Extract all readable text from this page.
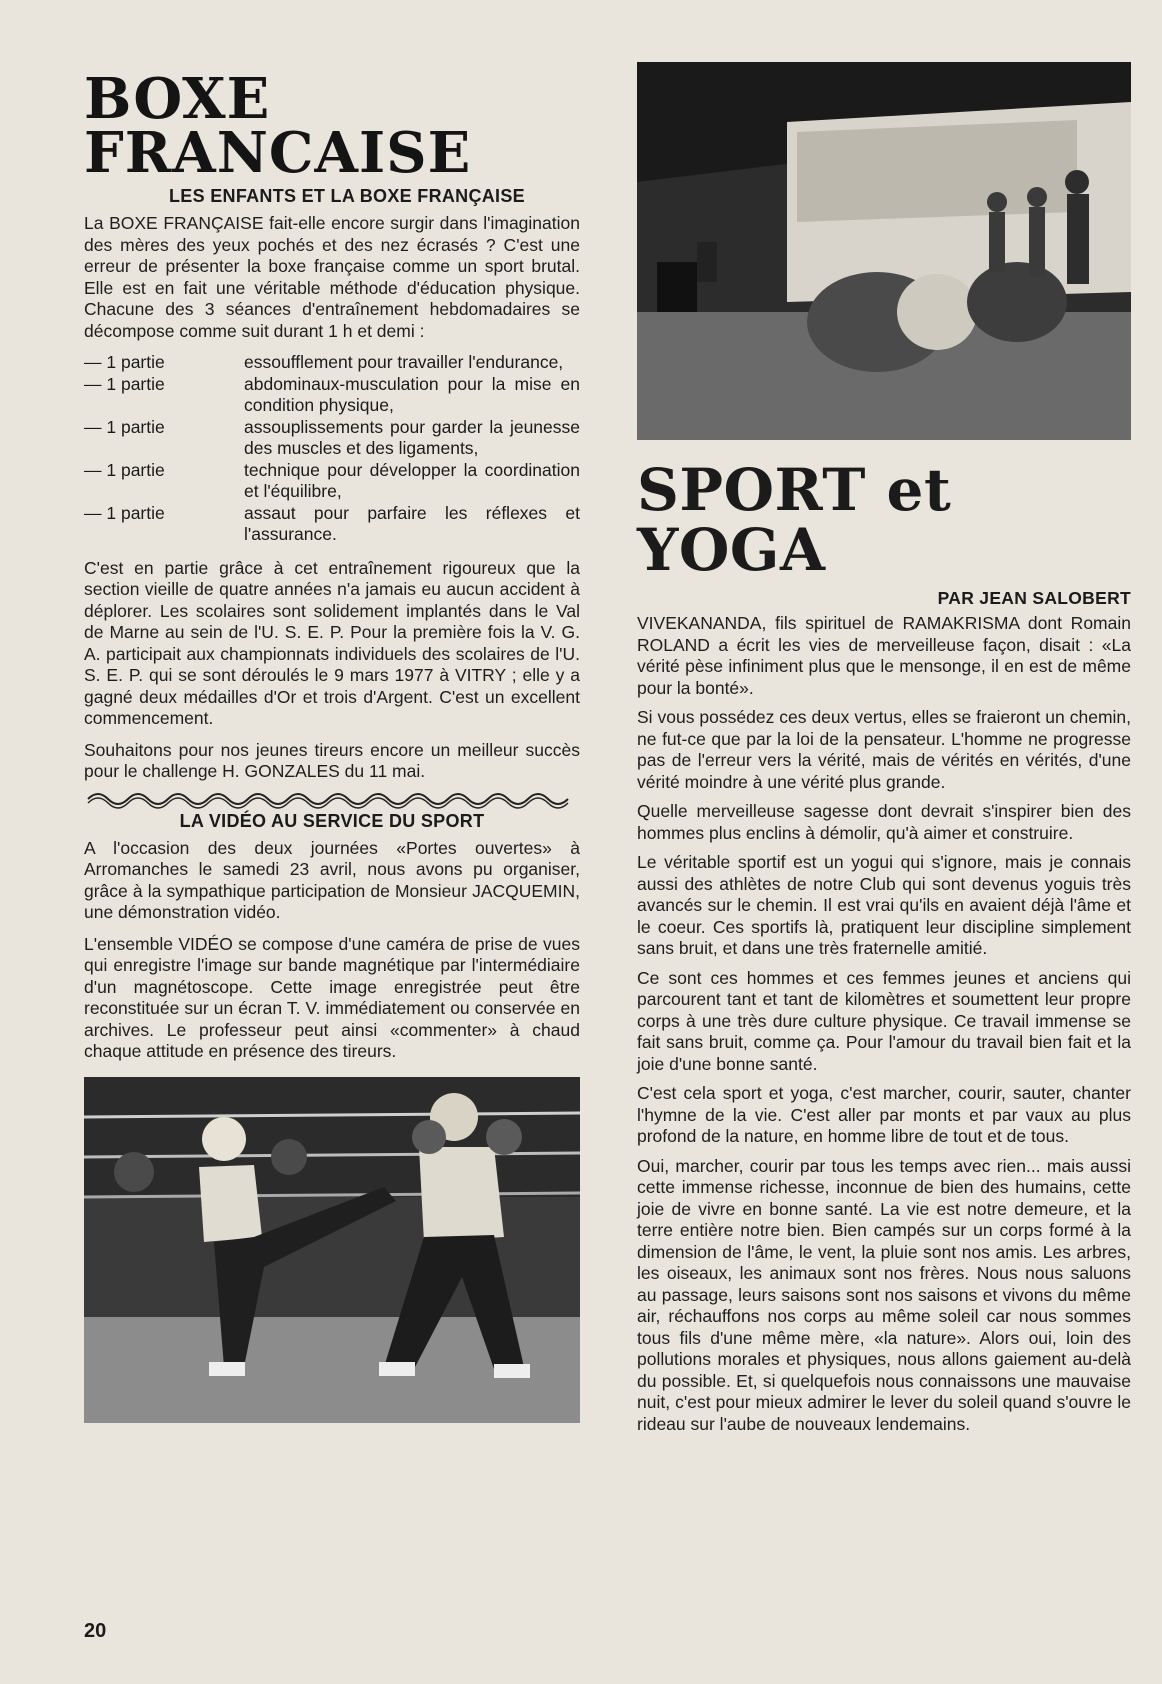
BOXE
FRANCAISE
LES ENFANTS ET LA BOXE FRANÇAISE

La BOXE FRANÇAISE fait-elle encore surgir dans l'imagination des mères des yeux pochés et des nez écrasés ? C'est une erreur de présenter la boxe française comme un sport brutal. Elle est en fait une véritable méthode d'éducation physique. Chacune des 3 séances d'entraînement hebdomadaires se décompose comme suit durant 1 h et demi :

— 1 partie	essoufflement pour travailler l'endurance,
— 1 partie	abdominaux-musculation pour la mise en condition physique,
— 1 partie	assouplissements pour garder la jeunesse des muscles et des ligaments,
— 1 partie	technique pour développer la coordination et l'équilibre,
— 1 partie	assaut pour parfaire les réflexes et l'assurance.

C'est en partie grâce à cet entraînement rigoureux que la section vieille de quatre années n'a jamais eu aucun accident à déplorer. Les scolaires sont solidement implantés dans le Val de Marne au sein de l'U. S. E. P. Pour la première fois la V. G. A. participait aux championnats individuels des scolaires de l'U. S. E. P. qui se sont déroulés le 9 mars 1977 à VITRY ; elle y a gagné deux médailles d'Or et trois d'Argent. C'est un excellent commencement.

Souhaitons pour nos jeunes tireurs encore un meilleur succès pour le challenge H. GONZALES du 11 mai.

LA VIDÉO AU SERVICE DU SPORT

A l'occasion des deux journées «Portes ouvertes» à Arromanches le samedi 23 avril, nous avons pu organiser, grâce à la sympathique participation de Monsieur JACQUEMIN, une démonstration vidéo.

L'ensemble VIDÉO se compose d'une caméra de prise de vues qui enregistre l'image sur bande magnétique par l'intermédiaire d'un magnétoscope. Cette image enregistrée peut être reconstituée sur un écran T. V. immédiatement ou conservée en archives. Le professeur peut ainsi «commenter» à chaud chaque attitude en présence des tireurs.

SPORT et YOGA
PAR JEAN SALOBERT

VIVEKANANDA, fils spirituel de RAMAKRISMA dont Romain ROLAND a écrit les vies de merveilleuse façon, disait : «La vérité pèse infiniment plus que le mensonge, il en est de même pour la bonté».

Si vous possédez ces deux vertus, elles se fraieront un chemin, ne fut-ce que par la loi de la pensateur. L'homme ne progresse pas de l'erreur vers la vérité, mais de vérités en vérités, d'une vérité moindre à une vérité plus grande.

Quelle merveilleuse sagesse dont devrait s'inspirer bien des hommes plus enclins à démolir, qu'à aimer et construire.

Le véritable sportif est un yogui qui s'ignore, mais je connais aussi des athlètes de notre Club qui sont devenus yoguis très avancés sur le chemin. Il est vrai qu'ils en avaient déjà l'âme et le coeur. Ces sportifs là, pratiquent leur discipline simplement sans bruit, et dans une très fraternelle amitié.

Ce sont ces hommes et ces femmes jeunes et anciens qui parcourent tant et tant de kilomètres et soumettent leur propre corps à une très dure culture physique. Ce travail immense se fait sans bruit, comme ça. Pour l'amour du travail bien fait et la joie d'une bonne santé.

C'est cela sport et yoga, c'est marcher, courir, sauter, chanter l'hymne de la vie. C'est aller par monts et par vaux au plus profond de la nature, en homme libre de tout et de tous.

Oui, marcher, courir par tous les temps avec rien... mais aussi cette immense richesse, inconnue de bien des humains, cette joie de vivre en bonne santé. La vie est notre demeure, et la terre entière notre bien. Bien campés sur un corps formé à la dimension de l'âme, le vent, la pluie sont nos amis. Les arbres, les oiseaux, les animaux sont nos frères. Nous nous saluons au passage, leurs saisons sont nos saisons et vivons du même air, réchauffons nos corps au même soleil car nous sommes tous fils d'une même mère, «la nature». Alors oui, loin des pollutions morales et physiques, nous allons gaiement au-delà du possible. Et, si quelquefois nous connaissons une mauvaise nuit, c'est pour mieux admirer le lever du soleil quand s'ouvre le rideau sur l'aube de nouveaux lendemains.

20
